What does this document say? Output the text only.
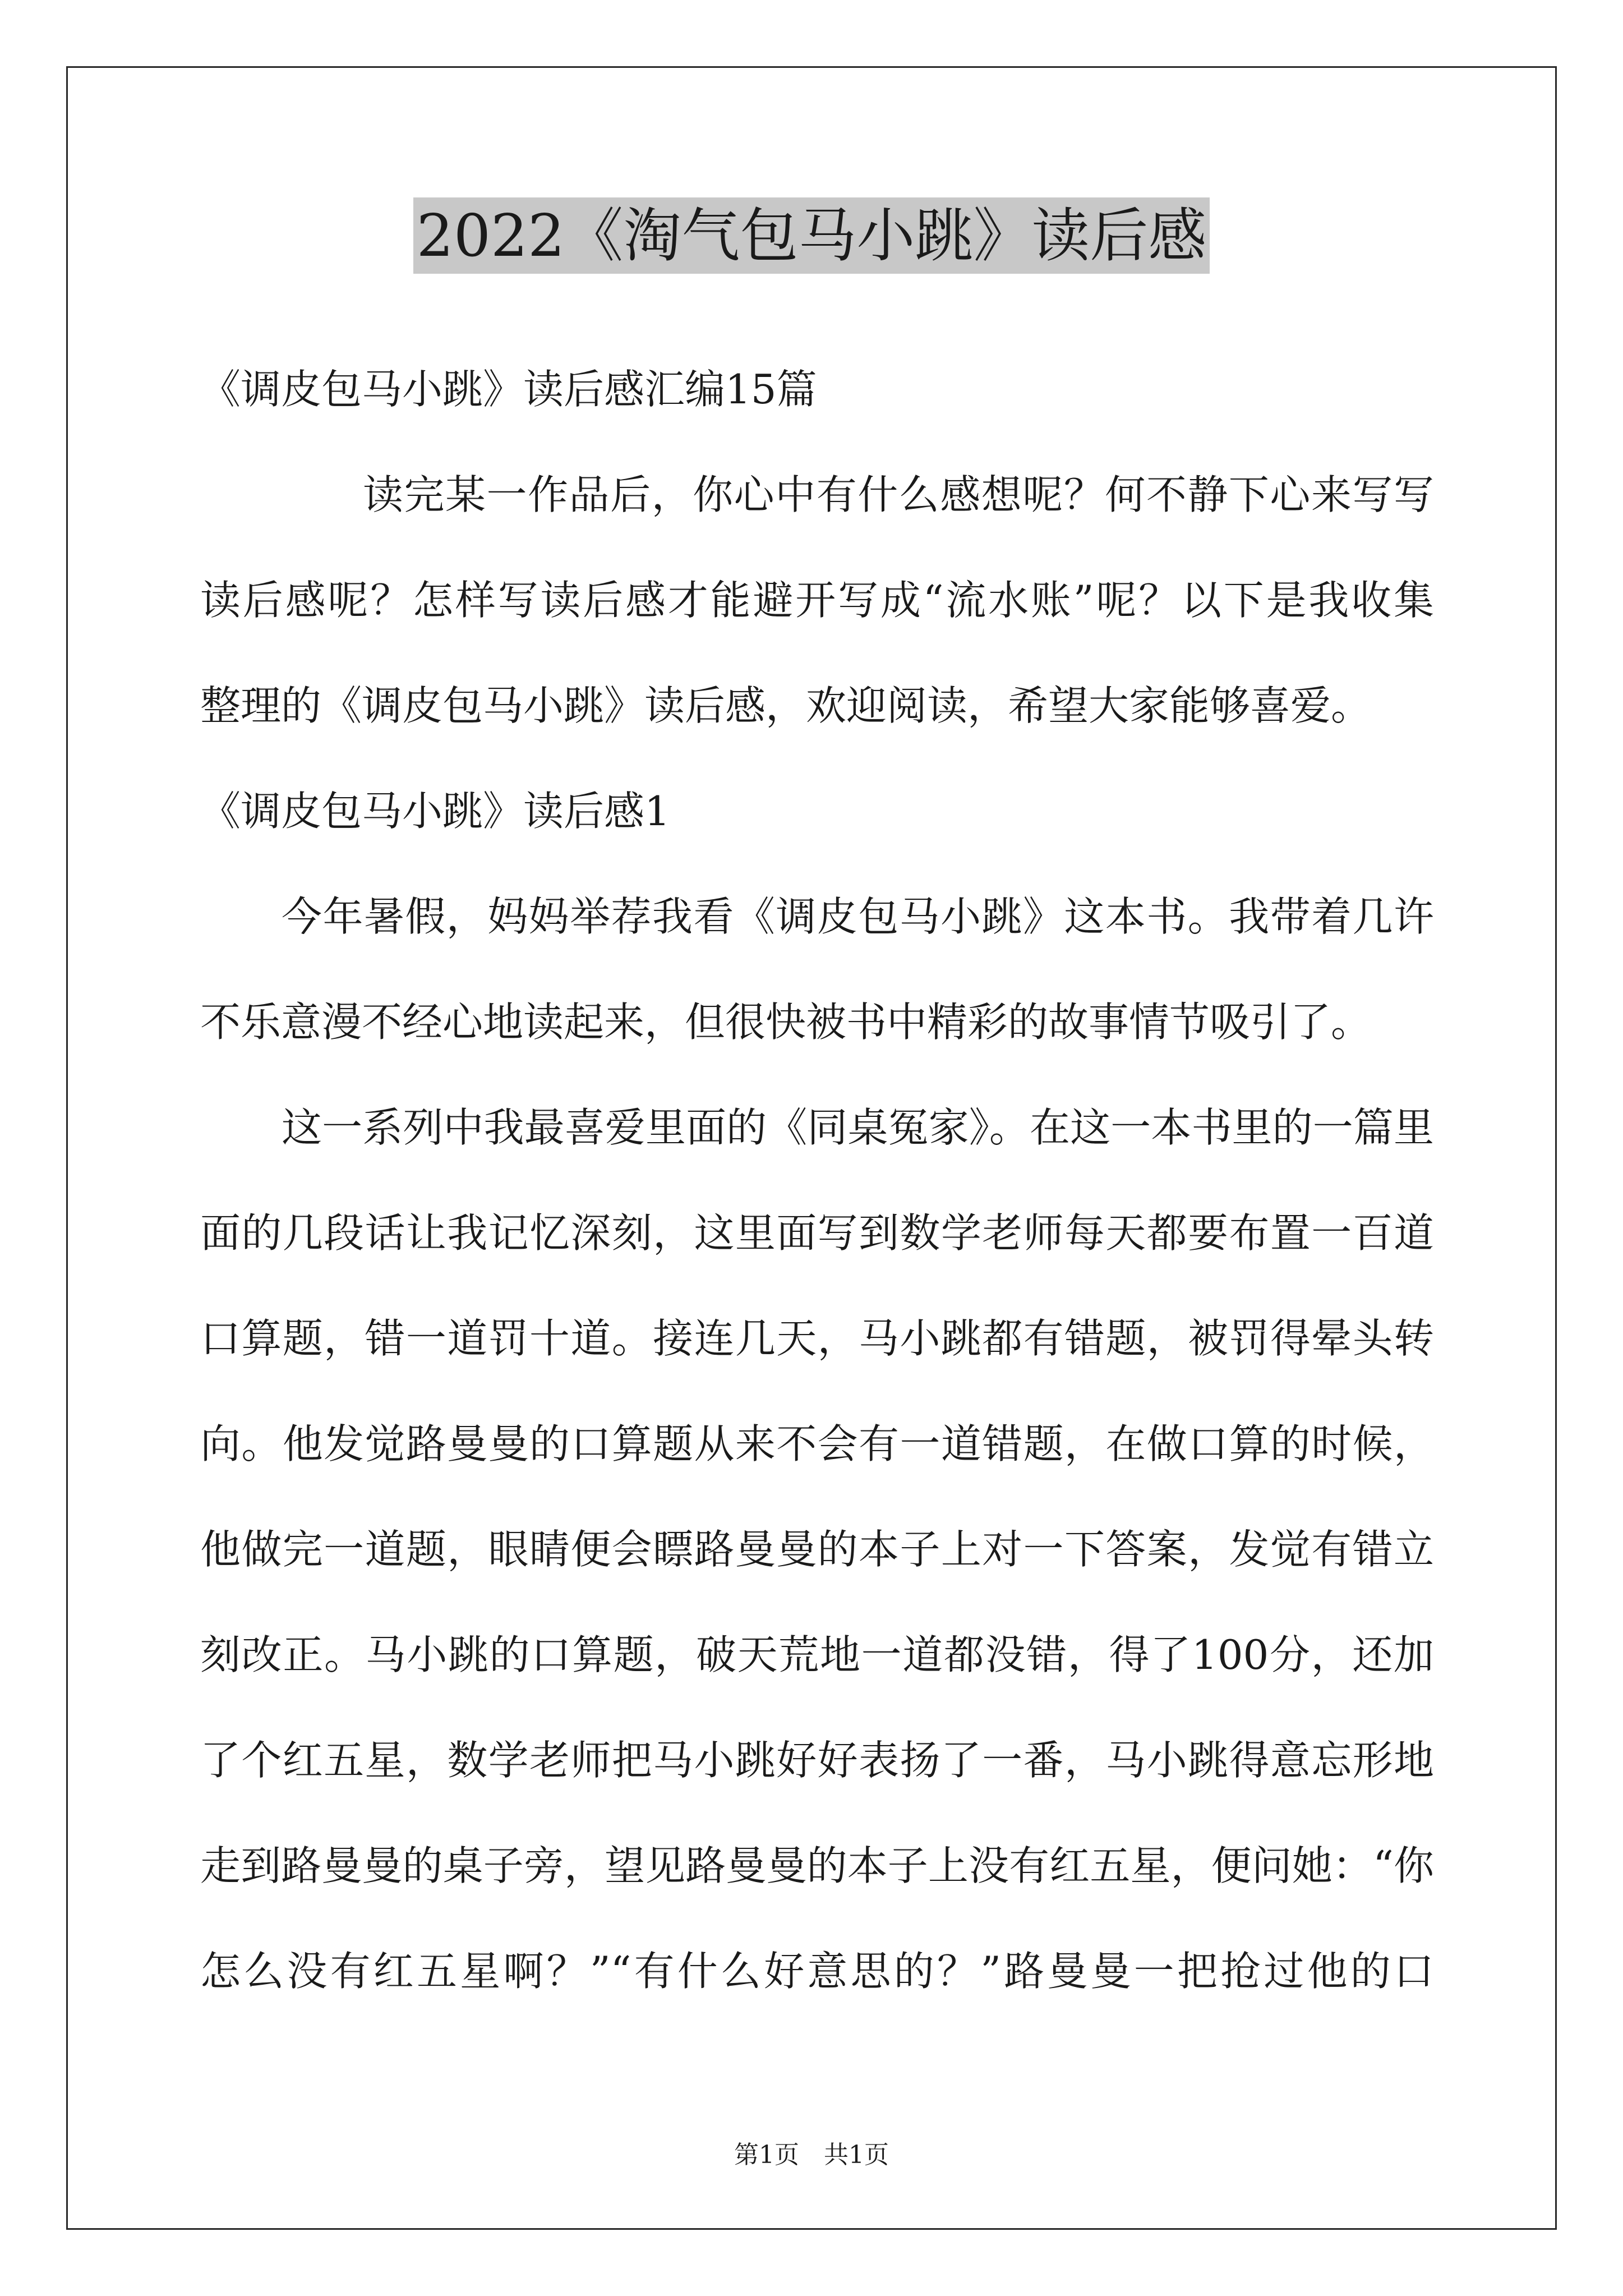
2022《淘气包马小跳》读后感
《调皮包马小跳》读后感汇编15篇
读完某一作品后，你心中有什么感想呢？何不静下心来写写
读后感呢？怎样写读后感才能避开写成“流水账”呢？以下是我收集
整理的《调皮包马小跳》读后感，欢迎阅读，希望大家能够喜爱。
《调皮包马小跳》读后感1
今年暑假，妈妈举荐我看《调皮包马小跳》这本书。我带着几许
不乐意漫不经心地读起来，但很快被书中精彩的故事情节吸引了。
这一系列中我最喜爱里面的《同桌冤家》。在这一本书里的一篇里
面的几段话让我记忆深刻，这里面写到数学老师每天都要布置一百道
口算题，错一道罚十道。接连几天，马小跳都有错题，被罚得晕头转
向。他发觉路曼曼的口算题从来不会有一道错题，在做口算的时候，
他做完一道题，眼睛便会瞟路曼曼的本子上对一下答案，发觉有错立
刻改正。马小跳的口算题，破天荒地一道都没错，得了100分，还加
了个红五星，数学老师把马小跳好好表扬了一番，马小跳得意忘形地
走到路曼曼的桌子旁，望见路曼曼的本子上没有红五星，便问她：“你
怎么没有红五星啊？”“有什么好意思的？”路曼曼一把抢过他的口
第1页 共1页
